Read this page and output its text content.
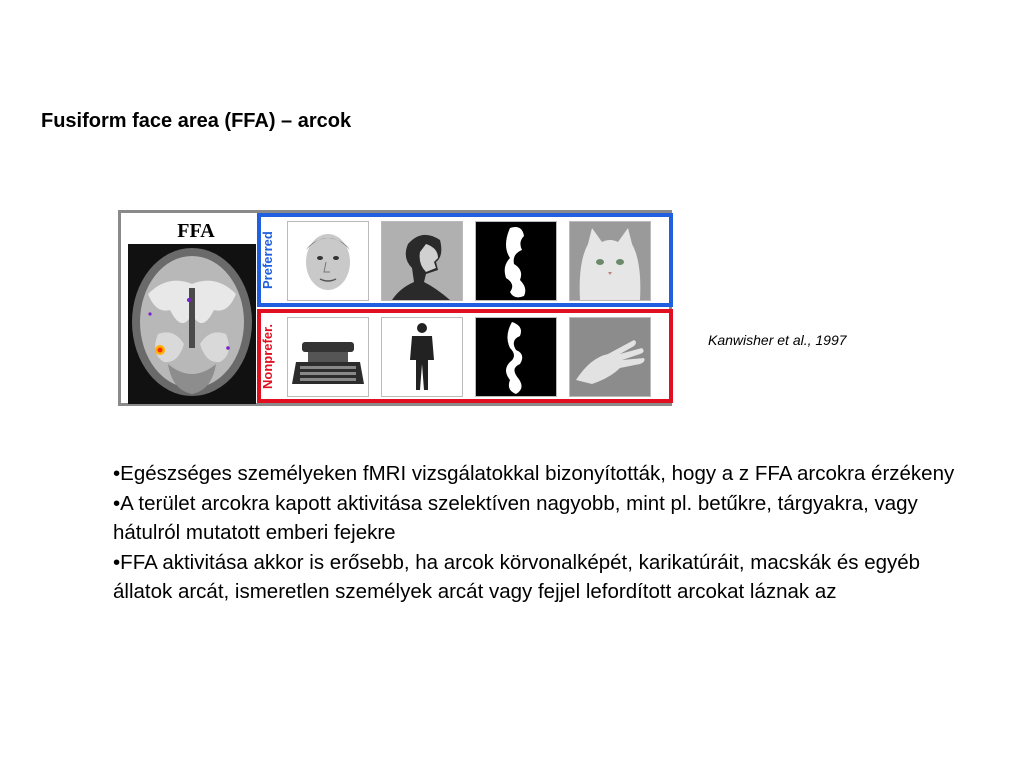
Fusiform face area (FFA) – arcok
FFA
Preferred
Nonprefer.	Kanwisher et al., 1997

•Egészséges személyeken fMRI vizsgálatokkal bizonyították, hogy a z FFA arcokra érzékeny

•A terület arcokra kapott aktivitása szelektíven nagyobb, mint pl. betűkre, tárgyakra, vagy hátulról mutatott emberi fejekre

•FFA aktivitása akkor is erősebb, ha arcok körvonalképét, karikatúráit, macskák és egyéb állatok arcát, ismeretlen személyek arcát vagy fejjel lefordított arcokat láznak az
